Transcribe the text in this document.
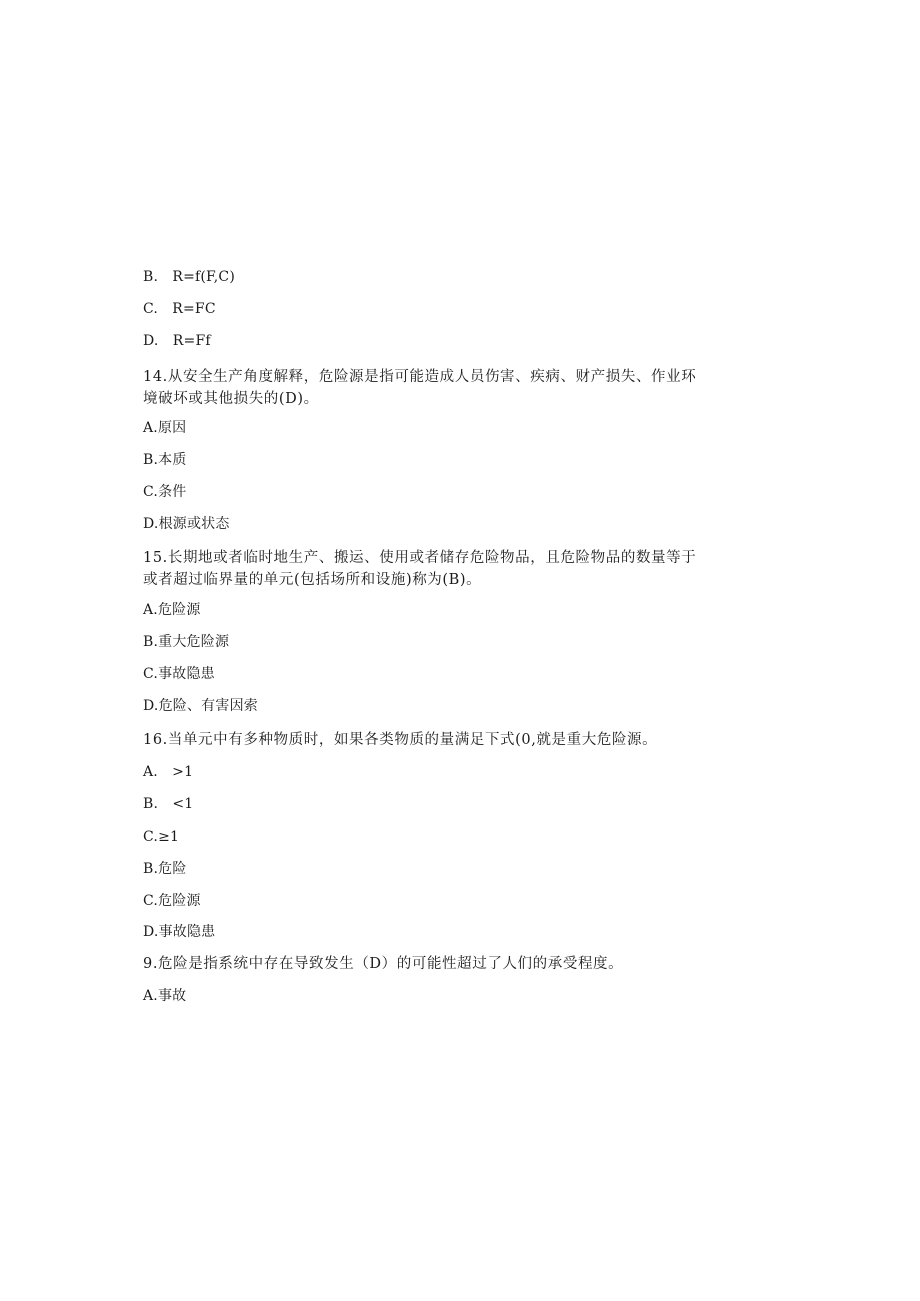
B.　R=f(F,C)
C.　R=FC
D.　R=Ff
14.从安全生产角度解释，危险源是指可能造成人员伤害、疾病、财产损失、作业环境破坏或其他损失的(D)。
A.原因
B.本质
C.条件
D.根源或状态
15.长期地或者临时地生产、搬运、使用或者储存危险物品，且危险物品的数量等于或者超过临界量的单元(包括场所和设施)称为(B)。
A.危险源
B.重大危险源
C.事故隐患
D.危险、有害因索
16.当单元中有多种物质时，如果各类物质的量满足下式(0,就是重大危险源。
A.　>1
B.　<1
C.≥1
B.危险
C.危险源
D.事故隐患
9.危险是指系统中存在导致发生（D）的可能性超过了人们的承受程度。
A.事故
